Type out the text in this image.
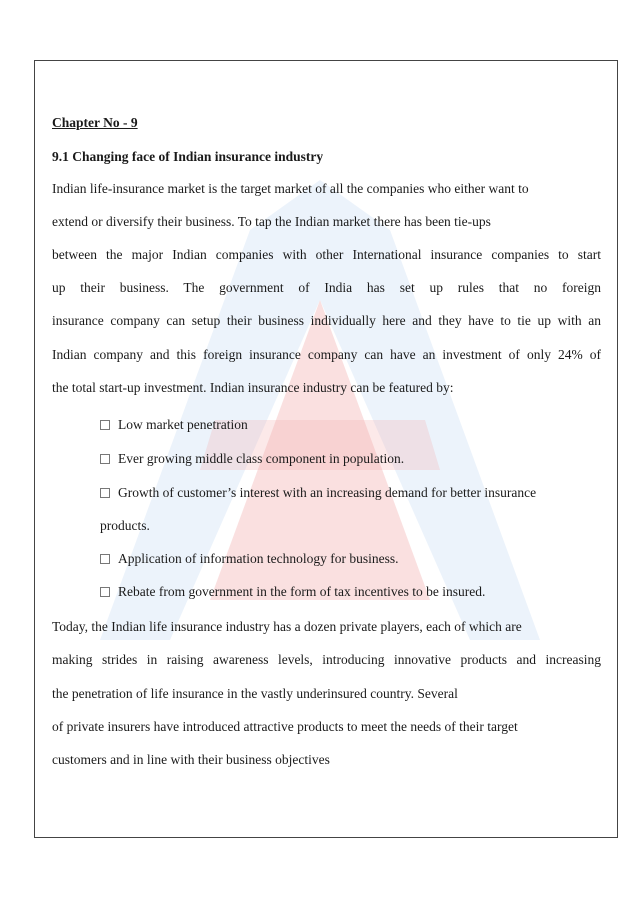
Chapter No - 9
9.1 Changing face of Indian insurance industry
Indian life-insurance market is the target market of all the companies who either want to
extend or diversify their business. To tap the Indian market there has been tie-ups
between the major Indian companies with other International insurance companies to start
up their business. The government of India has set up rules that no foreign
insurance company can setup their business individually here and they have to tie up with an
Indian company and this foreign insurance company can have an investment of only 24% of
the total start-up investment. Indian insurance industry can be featured by:
Low market penetration
Ever growing middle class component in population.
Growth of customer’s interest with an increasing demand for better insurance
products.
Application of information technology for business.
Rebate from government in the form of tax incentives to be insured.
Today, the Indian life insurance industry has a dozen private players, each of which are
making strides in raising awareness levels, introducing innovative products and increasing
the penetration of life insurance in the vastly underinsured country. Several
of private insurers have introduced attractive products to meet the needs of their target
customers and in line with their business objectives
